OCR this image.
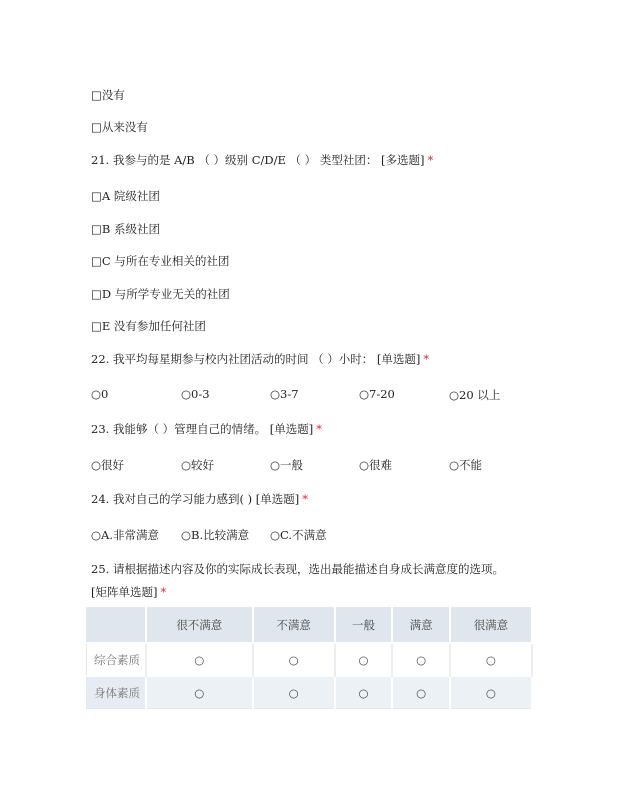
□没有
□从来没有
21. 我参与的是 A/B （ ）级别 C/D/E （ ） 类型社团： [多选题] *
□A 院级社团
□B 系级社团
□C 与所在专业相关的社团
□D 与所学专业无关的社团
□E 没有参加任何社团
22. 我平均每星期参与校内社团活动的时间 （ ）小时： [单选题] *
○0	○0-3	○3-7	○7-20	○20 以上
23. 我能够（ ）管理自己的情绪。 [单选题] *
○很好	○较好	○一般	○很难	○不能
24. 我对自己的学习能力感到( ) [单选题] *
○A.非常满意 ○B.比较满意 ○C.不满意
25. 请根据描述内容及你的实际成长表现，选出最能描述自身成长满意度的选项。
[矩阵单选题] *
	很不满意	不满意	一般	满意	很满意
综合素质	○	○	○	○	○
身体素质	○	○	○	○	○
